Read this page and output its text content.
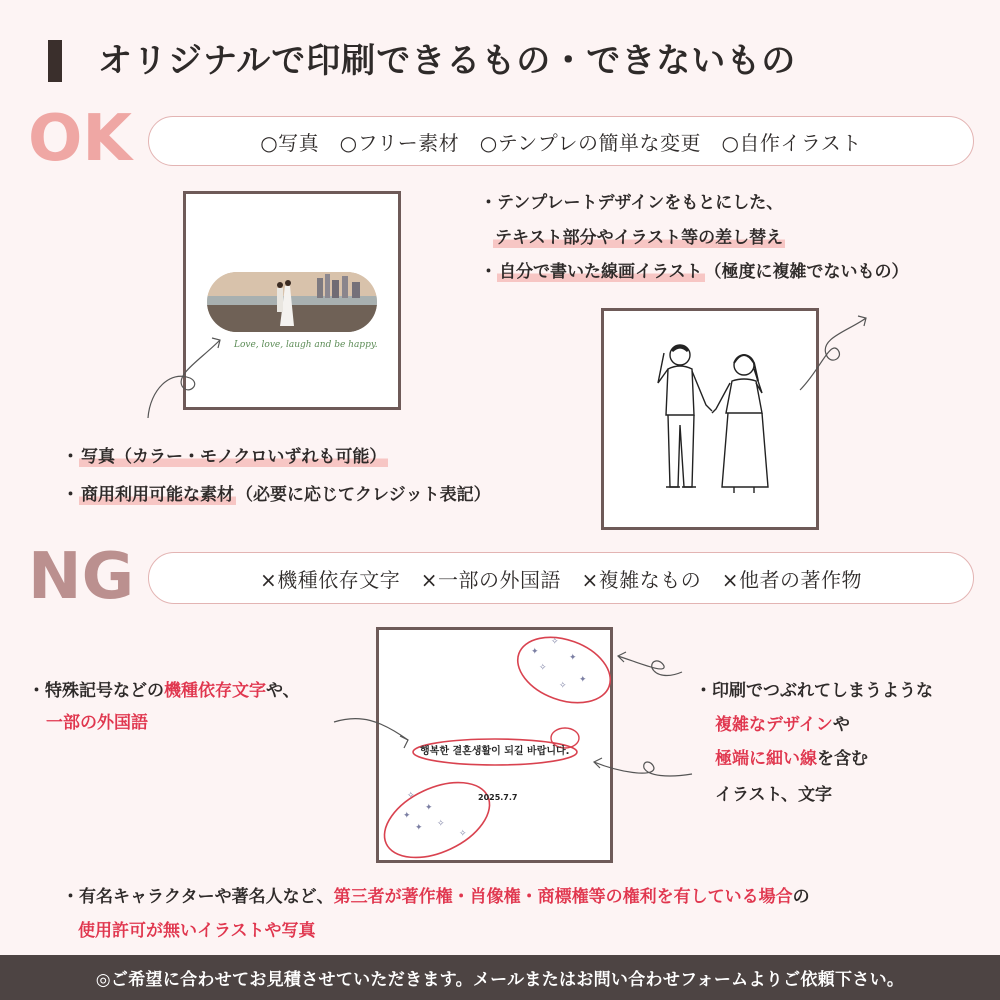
オリジナルで印刷できるもの・できないもの
OK	○写真　○フリー素材　○テンプレの簡単な変更　○自作イラスト
Love, love, laugh and be happy.
・テンプレートデザインをもとにした、
テキスト部分やイラスト等の差し替え
・ 自分で書いた線画イラスト （極度に複雑でないもの）
・ 写真（カラー・モノクロいずれも可能）
・ 商用利用可能な素材 （必要に応じてクレジット表記）
NG	×機種依存文字　×一部の外国語　×複雑なもの　×他者の著作物
✦
✧
✦
✧
✦
✧
✧
✦
✧
✦
✧
✦
행복한 결혼생활이 되길 바랍니다.
2025.7.7
・特殊記号などの機種依存文字や、
一部の外国語
・印刷でつぶれてしまうような
複雑なデザインや
極端に細い線を含む
イラスト、文字
・有名キャラクターや著名人など、第三者が著作権・肖像権・商標権等の権利を有している場合の
使用許可が無いイラストや写真
◎ご希望に合わせてお見積させていただきます。メールまたはお問い合わせフォームよりご依頼下さい。
